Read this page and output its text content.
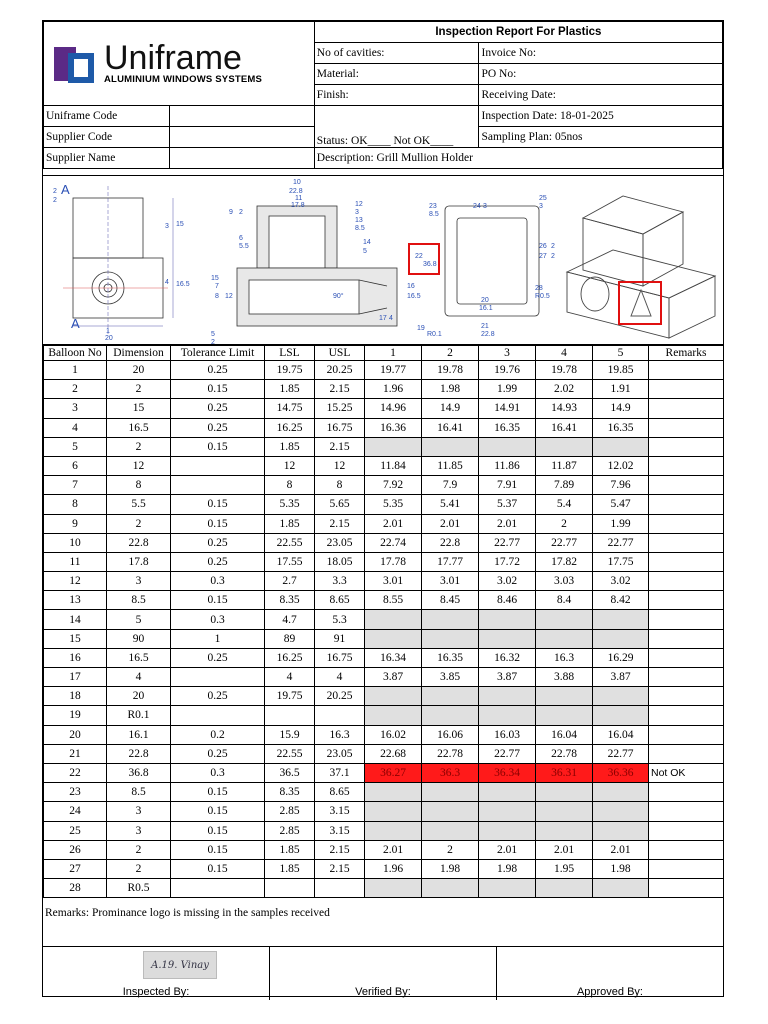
Uniframe
ALUMINIUM WINDOWS SYSTEMS		Inspection Report For Plastics	
		No of cavities:	Invoice No:
		Material:	PO No:
		Finish:	Receiving Date:
Uniframe Code		Status: OK____ Not OK____	Inspection Date: 18-01-2025
Supplier Code			Sampling Plan: 05nos
Supplier Name		Description: Grill Mullion Holder	
A
A
2
2
15
16.5
20
1
4
3
10
22.8
11
17.8
9 2
12
3
13
8.5
6
5.5
14
5
7
8 12
15
90°
16
16.5
17 4
5
2
22
36.8
23
8.5
24 3
25
3
26 2
27 2
28
R0.5
19
R0.1
20
16.1
21
22.8
Balloon No	Dimension	Tolerance Limit	LSL	USL	1	2	3	4	5	Remarks
1	20	0.25	19.75	20.25	19.77	19.78	19.76	19.78	19.85	
2	2	0.15	1.85	2.15	1.96	1.98	1.99	2.02	1.91	
3	15	0.25	14.75	15.25	14.96	14.9	14.91	14.93	14.9	
4	16.5	0.25	16.25	16.75	16.36	16.41	16.35	16.41	16.35	
5	2	0.15	1.85	2.15						
6	12		12	12	11.84	11.85	11.86	11.87	12.02	
7	8		8	8	7.92	7.9	7.91	7.89	7.96	
8	5.5	0.15	5.35	5.65	5.35	5.41	5.37	5.4	5.47	
9	2	0.15	1.85	2.15	2.01	2.01	2.01	2	1.99	
10	22.8	0.25	22.55	23.05	22.74	22.8	22.77	22.77	22.77	
11	17.8	0.25	17.55	18.05	17.78	17.77	17.72	17.82	17.75	
12	3	0.3	2.7	3.3	3.01	3.01	3.02	3.03	3.02	
13	8.5	0.15	8.35	8.65	8.55	8.45	8.46	8.4	8.42	
14	5	0.3	4.7	5.3						
15	90	1	89	91						
16	16.5	0.25	16.25	16.75	16.34	16.35	16.32	16.3	16.29	
17	4		4	4	3.87	3.85	3.87	3.88	3.87	
18	20	0.25	19.75	20.25						
19	R0.1									
20	16.1	0.2	15.9	16.3	16.02	16.06	16.03	16.04	16.04	
21	22.8	0.25	22.55	23.05	22.68	22.78	22.77	22.78	22.77	
22	36.8	0.3	36.5	37.1	36.27	36.3	36.34	36.31	36.36	Not OK
23	8.5	0.15	8.35	8.65						
24	3	0.15	2.85	3.15						
25	3	0.15	2.85	3.15						
26	2	0.15	1.85	2.15	2.01	2	2.01	2.01	2.01	
27	2	0.15	1.85	2.15	1.96	1.98	1.98	1.95	1.98	
28	R0.5									
Remarks: Prominance logo is missing in the samples received
A.19. Vinay
Inspected By:	Verified By:	Approved By:
